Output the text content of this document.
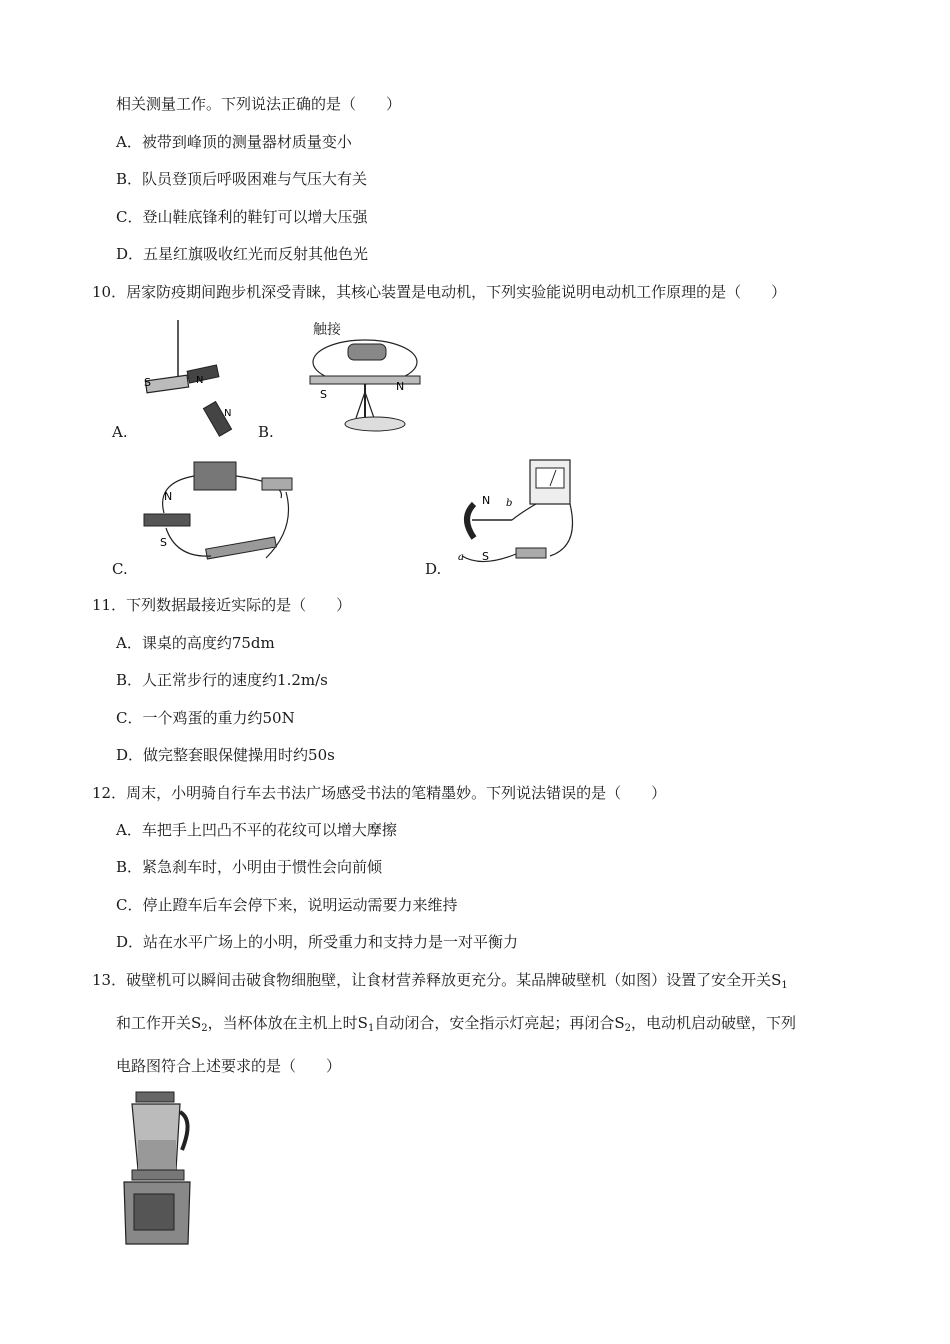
相关测量工作。下列说法正确的是（　　）
A．被带到峰顶的测量器材质量变小
B．队员登顶后呼吸困难与气压大有关
C．登山鞋底锋利的鞋钉可以增大压强
D．五星红旗吸收红光而反射其他色光
10．居家防疫期间跑步机深受青睐，其核心装置是电动机，下列实验能说明电动机工作原理的是（　　）
S	N
N
A.
S
N
触接
B.
N
S
C.
N
S
b
a
D.
11．下列数据最接近实际的是（　　）
A．课桌的高度约75dm
B．人正常步行的速度约1.2m/s
C．一个鸡蛋的重力约50N
D．做完整套眼保健操用时约50s
12．周末，小明骑自行车去书法广场感受书法的笔精墨妙。下列说法错误的是（　　）
A．车把手上凹凸不平的花纹可以增大摩擦
B．紧急刹车时，小明由于惯性会向前倾
C．停止蹬车后车会停下来，说明运动需要力来维持
D．站在水平广场上的小明，所受重力和支持力是一对平衡力
13．破壁机可以瞬间击破食物细胞壁，让食材营养释放更充分。某品牌破壁机（如图）设置了安全开关$S_1$
和工作开关$S_2$，当杯体放在主机上时$S_1$自动闭合，安全指示灯亮起；再闭合$S_2$，电动机启动破壁，下列
电路图符合上述要求的是（　　）
